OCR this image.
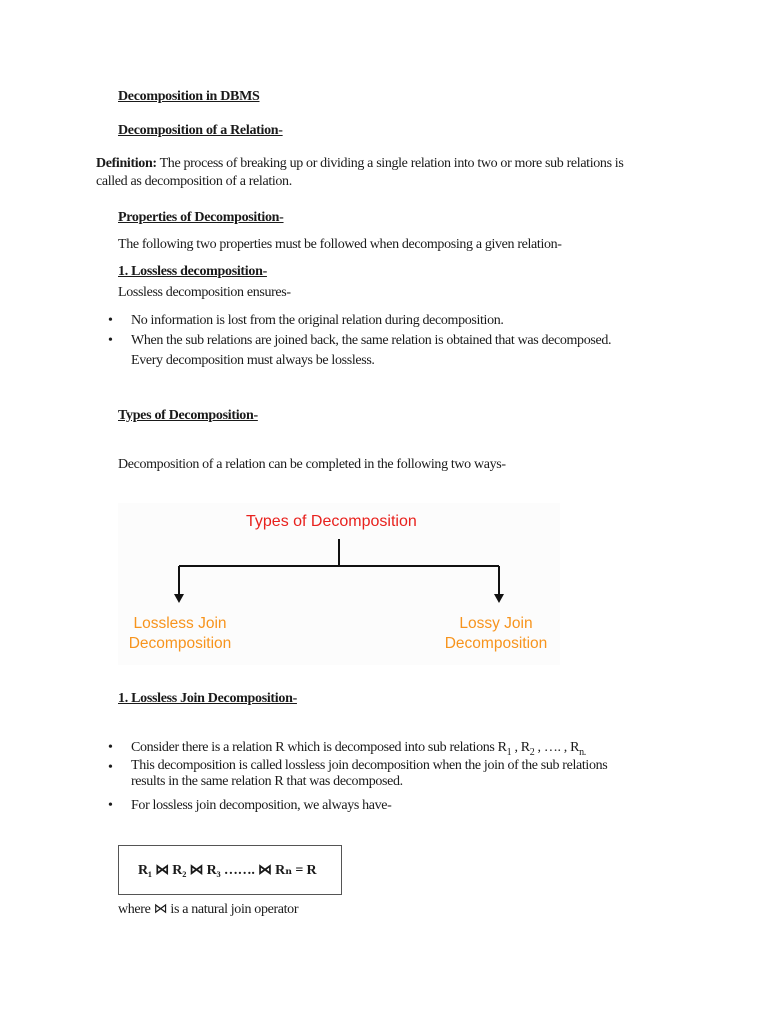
Decomposition in DBMS
Decomposition of a Relation-
Definition: The process of breaking up or dividing a single relation into two or more sub relations is
called as decomposition of a relation.
Properties of Decomposition-
The following two properties must be followed when decomposing a given relation-
1. Lossless decomposition-
Lossless decomposition ensures-
• No information is lost from the original relation during decomposition.
• When the sub relations are joined back, the same relation is obtained that was decomposed.
Every decomposition must always be lossless.
Types of Decomposition-
Decomposition of a relation can be completed in the following two ways-
Types of Decomposition
Lossless Join
Decomposition
Lossy Join
Decomposition
1. Lossless Join Decomposition-
• Consider there is a relation R which is decomposed into sub relations $R_1$ , $R_2$ , …. , $R_{n.}$
• This decomposition is called lossless join decomposition when the join of the sub relations
results in the same relation R that was decomposed.
• For lossless join decomposition, we always have-
R₁ ⋈ R₂ ⋈ R₃ ……. ⋈ Rₙ = R
where ⋈ is a natural join operator
